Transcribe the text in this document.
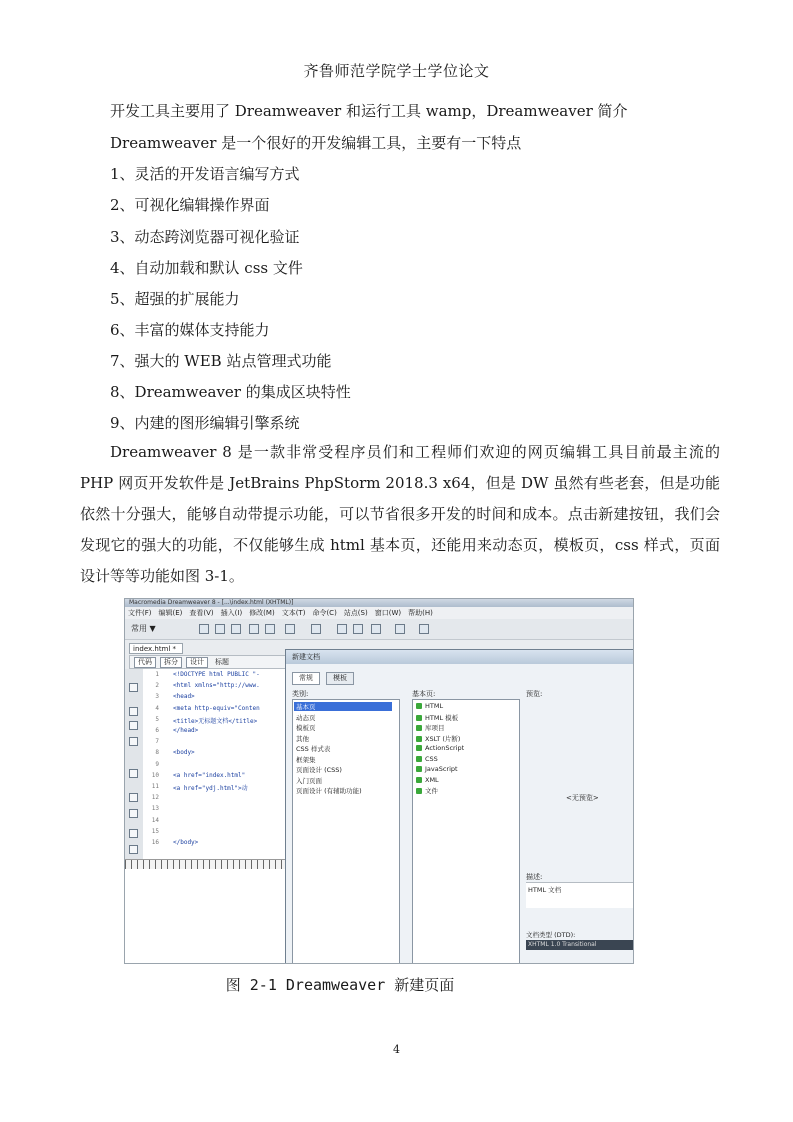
齐鲁师范学院学士学位论文
开发工具主要用了 Dreamweaver 和运行工具 wamp，Dreamweaver 简介
Dreamweaver 是一个很好的开发编辑工具，主要有一下特点
1、灵活的开发语言编写方式
2、可视化编辑操作界面
3、动态跨浏览器可视化验证
4、自动加载和默认 css 文件
5、超强的扩展能力
6、丰富的媒体支持能力
7、强大的 WEB 站点管理式功能
8、Dreamweaver 的集成区块特性
9、内建的图形编辑引擎系统
Dreamweaver 8 是一款非常受程序员们和工程师们欢迎的网页编辑工具目前最主流的 PHP 网页开发软件是 JetBrains PhpStorm 2018.3 x64，但是 DW 虽然有些老套，但是功能依然十分强大，能够自动带提示功能，可以节省很多开发的时间和成本。点击新建按钮，我们会发现它的强大的功能，不仅能够生成 html 基本页，还能用来动态页，模板页，css 样式，页面设计等等功能如图 3-1。
Macromedia Dreamweaver 8 - [...\index.html (XHTML)]
文件(F) 编辑(E) 查看(V) 插入(I) 修改(M) 文本(T) 命令(C) 站点(S) 窗口(W) 帮助(H)
常用 ▼
index.html *
代码	拆分	设计	标题
1 <!DOCTYPE html PUBLIC "-
2 <html xmlns="http://www.
3 <head>
4 <meta http-equiv="Conten
5 <title>无标题文档</title>
6 </head>
7
8 <body>
9
10 <a href="index.html"
11 <a href="ydj.html">动
12
13
14
15
16 </body>
新建文档
常规	模板
类别:	基本页:	预览:
基本页
动态页
模板页
其他
CSS 样式表
框架集
页面设计 (CSS)
入门页面
页面设计 (有辅助功能)
HTML
HTML 模板
库项目
XSLT (片断)
ActionScript
CSS
JavaScript
XML
文件
<无预览>
描述:
HTML 文档
文档类型 (DTD):
XHTML 1.0 Transitional
图 2-1 Dreamweaver 新建页面
4
